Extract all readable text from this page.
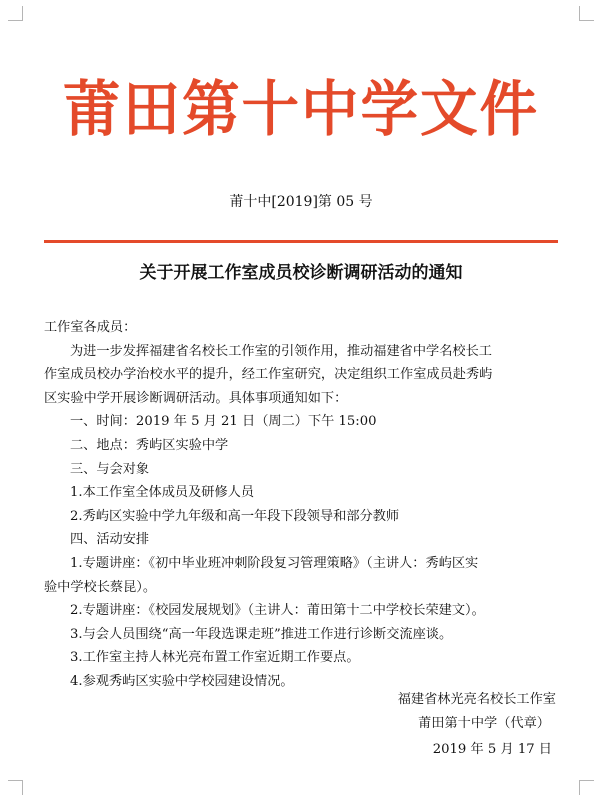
莆田第十中学文件
莆十中[2019]第 05 号
关于开展工作室成员校诊断调研活动的通知
工作室各成员：
为进一步发挥福建省名校长工作室的引领作用，推动福建省中学名校长工
作室成员校办学治校水平的提升，经工作室研究，决定组织工作室成员赴秀屿
区实验中学开展诊断调研活动。具体事项通知如下：
一、时间：2019 年 5 月 21 日（周二）下午 15:00
二、地点：秀屿区实验中学
三、与会对象
1.本工作室全体成员及研修人员
2.秀屿区实验中学九年级和高一年段下段领导和部分教师
四、活动安排
1.专题讲座：《初中毕业班冲刺阶段复习管理策略》（主讲人：秀屿区实
验中学校长蔡昆）。
2.专题讲座：《校园发展规划》（主讲人：莆田第十二中学校长荣建文）。
3.与会人员围绕“高一年段选课走班”推进工作进行诊断交流座谈。
3.工作室主持人林光亮布置工作室近期工作要点。
4.参观秀屿区实验中学校园建设情况。
福建省林光亮名校长工作室
莆田第十中学（代章）
2019 年 5 月 17 日
